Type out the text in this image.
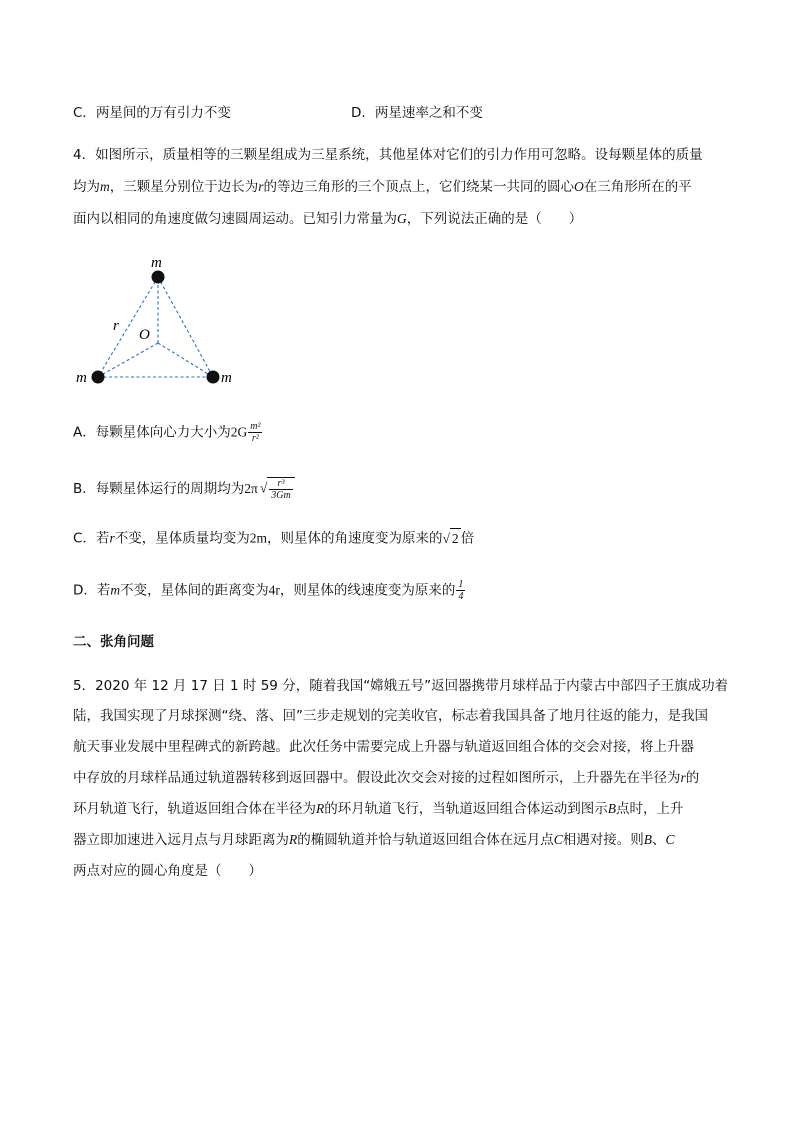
C．两星间的万有引力不变	D．两星速率之和不变
4．如图所示，质量相等的三颗星组成为三星系统，其他星体对它们的引力作用可忽略。设每颗星体的质量
均为m，三颗星分别位于边长为r的等边三角形的三个顶点上，它们绕某一共同的圆心O在三角形所在的平
面内以相同的角速度做匀速圆周运动。已知引力常量为G，下列说法正确的是（　　）
m
m	m
r
O
A．每颗星体向心力大小为$2G \frac{\text{m²}}{\text{r²}}$
B．每颗星体运行的周期均为2π √ $\frac{\text{r³}}{3Gm}$
C．若r不变，星体质量均变为2m，则星体的角速度变为原来的√ 2 倍
D．若m不变，星体间的距离变为4r，则星体的线速度变为原来的 $\frac{1}{4}$
二、张角问题
5．2020 年 12 月 17 日 1 时 59 分，随着我国“嫦娥五号”返回器携带月球样品于内蒙古中部四子王旗成功着
陆，我国实现了月球探测“绕、落、回”三步走规划的完美收官，标志着我国具备了地月往返的能力，是我国
航天事业发展中里程碑式的新跨越。此次任务中需要完成上升器与轨道返回组合体的交会对接，将上升器
中存放的月球样品通过轨道器转移到返回器中。假设此次交会对接的过程如图所示，上升器先在半径为r的
环月轨道飞行，轨道返回组合体在半径为R的环月轨道飞行，当轨道返回组合体运动到图示B点时，上升
器立即加速进入远月点与月球距离为R的椭圆轨道并恰与轨道返回组合体在远月点C相遇对接。则B、C
两点对应的圆心角度是（　　）
